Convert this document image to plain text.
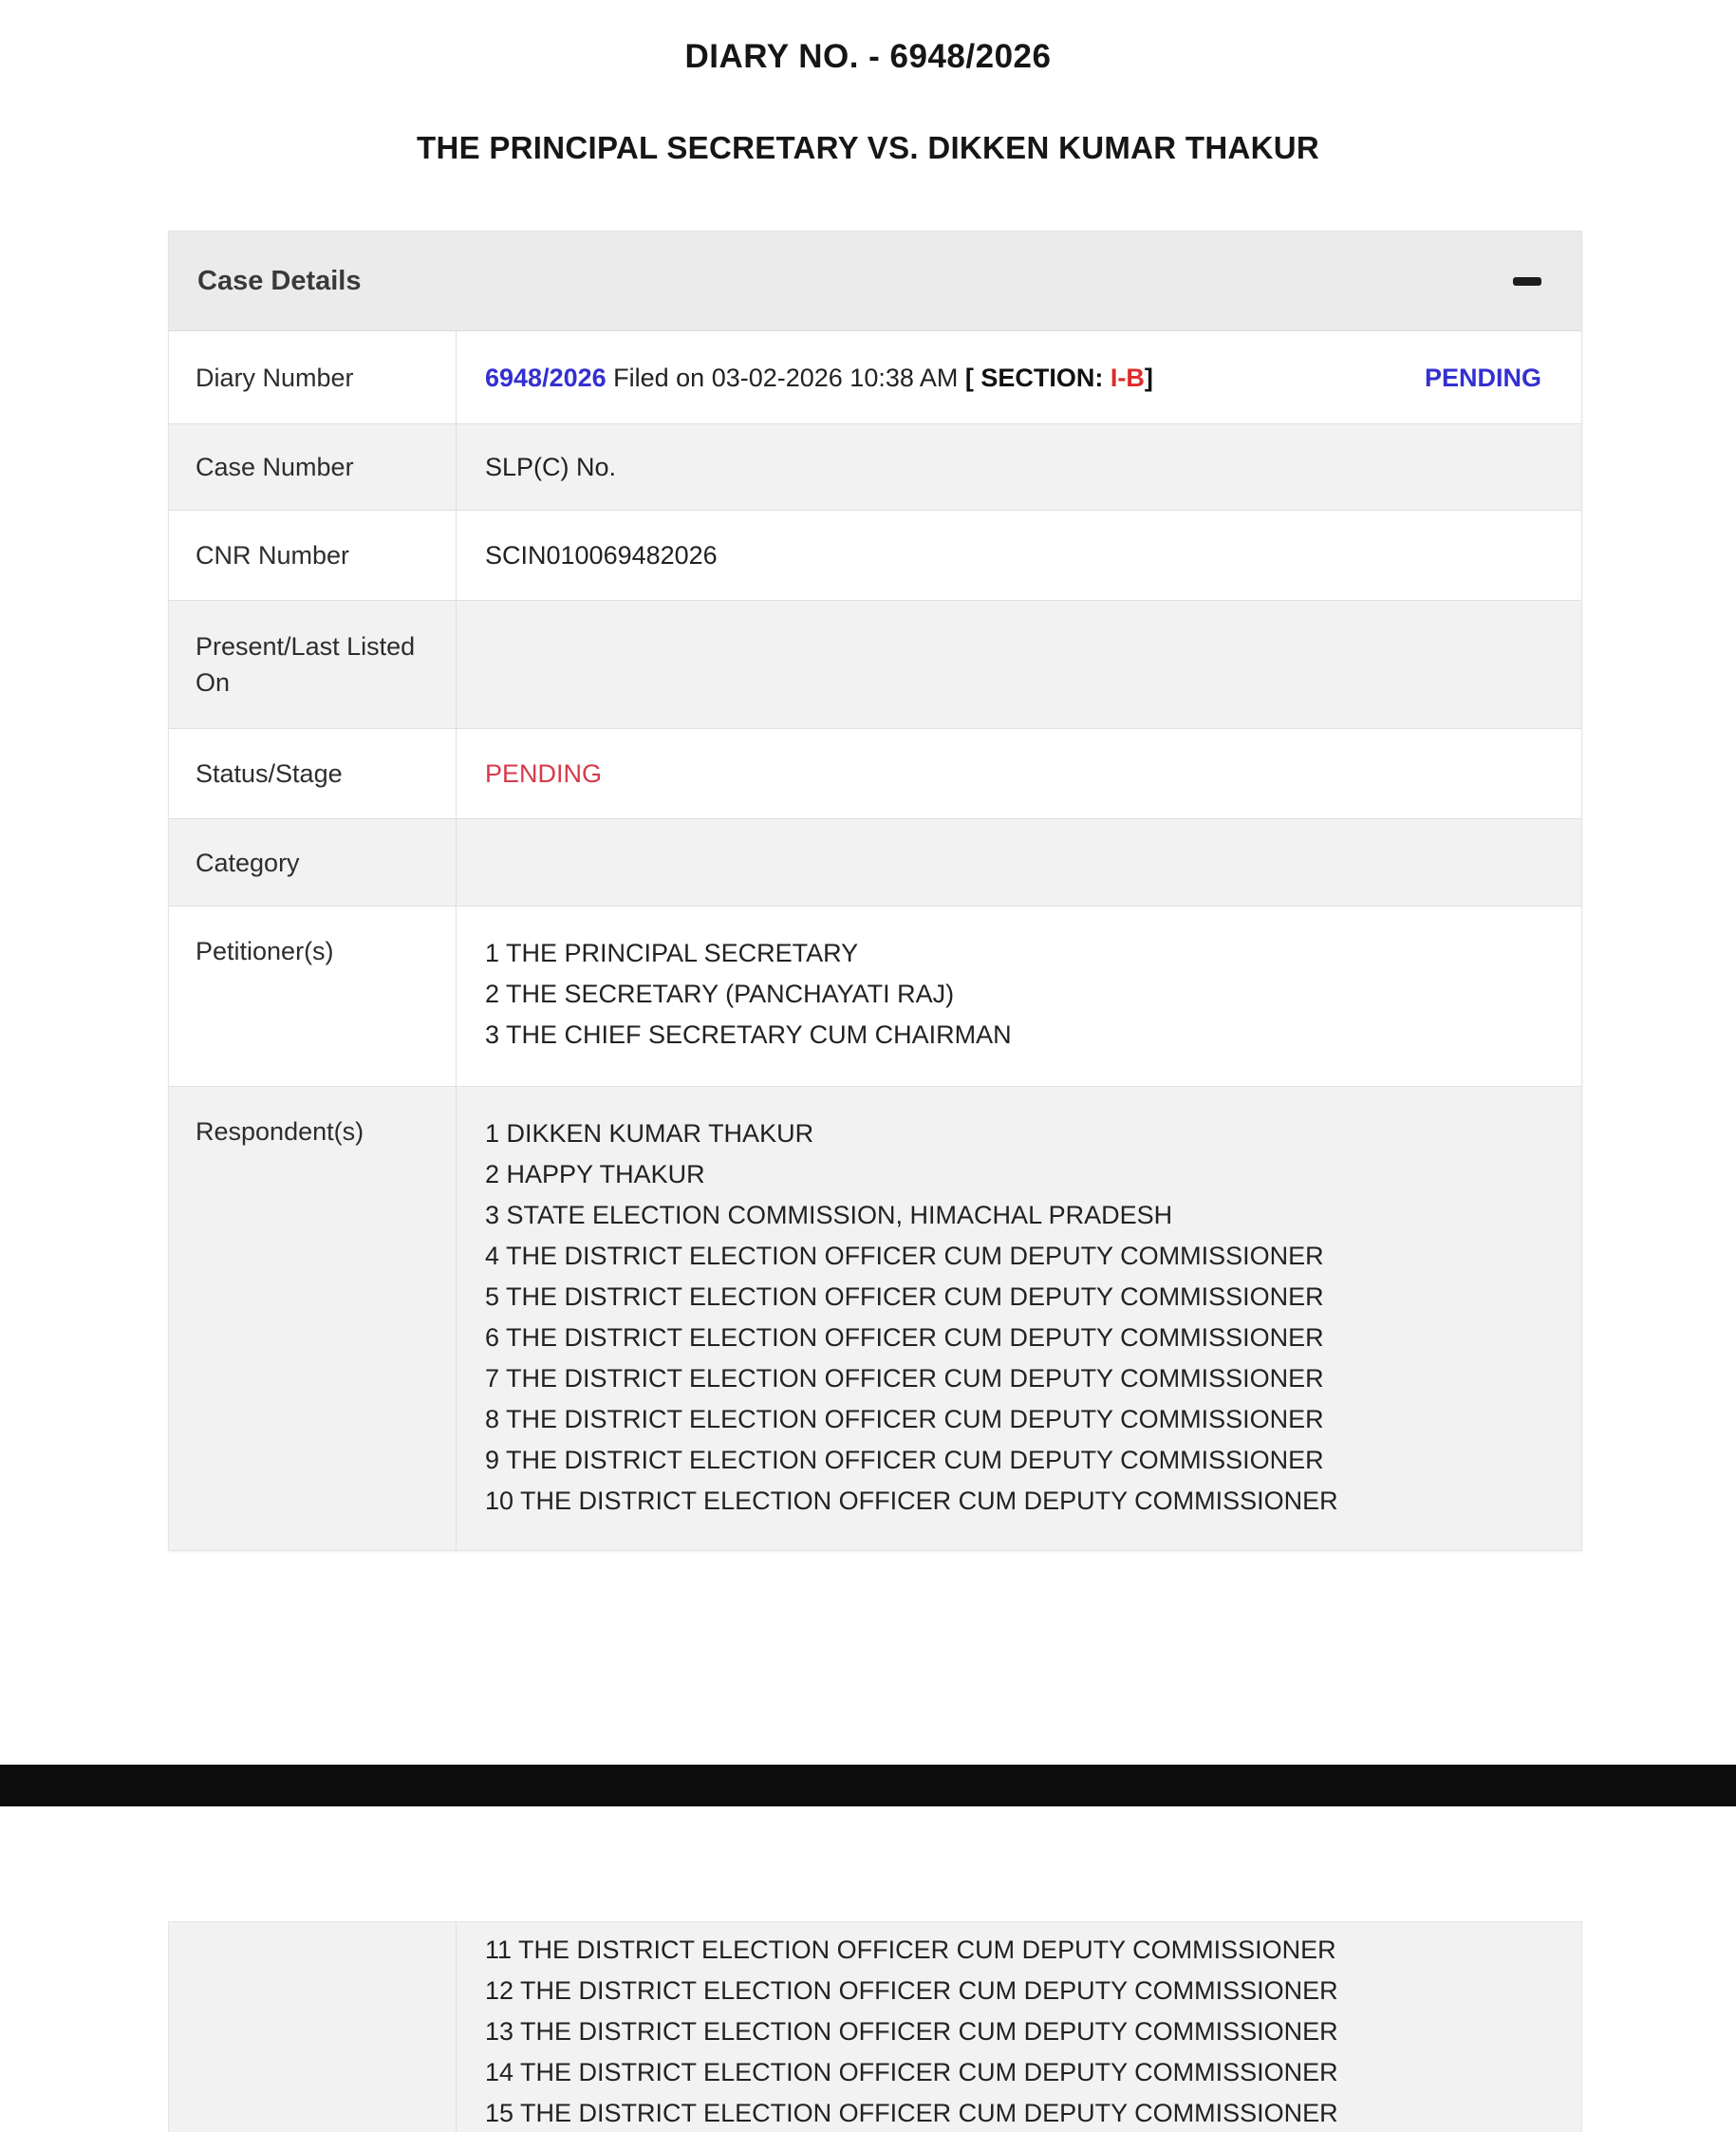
DIARY NO. - 6948/2026
THE PRINCIPAL SECRETARY VS. DIKKEN KUMAR THAKUR
Case Details
Diary Number	6948/2026 Filed on 03-02-2026 10:38 AM [ SECTION: I-B ]	PENDING
Case Number	SLP(C) No.
CNR Number	SCIN010069482026
Present/Last Listed On
Status/Stage	PENDING
Category
Petitioner(s)	1 THE PRINCIPAL SECRETARY
2 THE SECRETARY (PANCHAYATI RAJ)
3 THE CHIEF SECRETARY CUM CHAIRMAN
Respondent(s)	1 DIKKEN KUMAR THAKUR
2 HAPPY THAKUR
3 STATE ELECTION COMMISSION, HIMACHAL PRADESH
4 THE DISTRICT ELECTION OFFICER CUM DEPUTY COMMISSIONER
5 THE DISTRICT ELECTION OFFICER CUM DEPUTY COMMISSIONER
6 THE DISTRICT ELECTION OFFICER CUM DEPUTY COMMISSIONER
7 THE DISTRICT ELECTION OFFICER CUM DEPUTY COMMISSIONER
8 THE DISTRICT ELECTION OFFICER CUM DEPUTY COMMISSIONER
9 THE DISTRICT ELECTION OFFICER CUM DEPUTY COMMISSIONER
10 THE DISTRICT ELECTION OFFICER CUM DEPUTY COMMISSIONER
11 THE DISTRICT ELECTION OFFICER CUM DEPUTY COMMISSIONER
12 THE DISTRICT ELECTION OFFICER CUM DEPUTY COMMISSIONER
13 THE DISTRICT ELECTION OFFICER CUM DEPUTY COMMISSIONER
14 THE DISTRICT ELECTION OFFICER CUM DEPUTY COMMISSIONER
15 THE DISTRICT ELECTION OFFICER CUM DEPUTY COMMISSIONER
